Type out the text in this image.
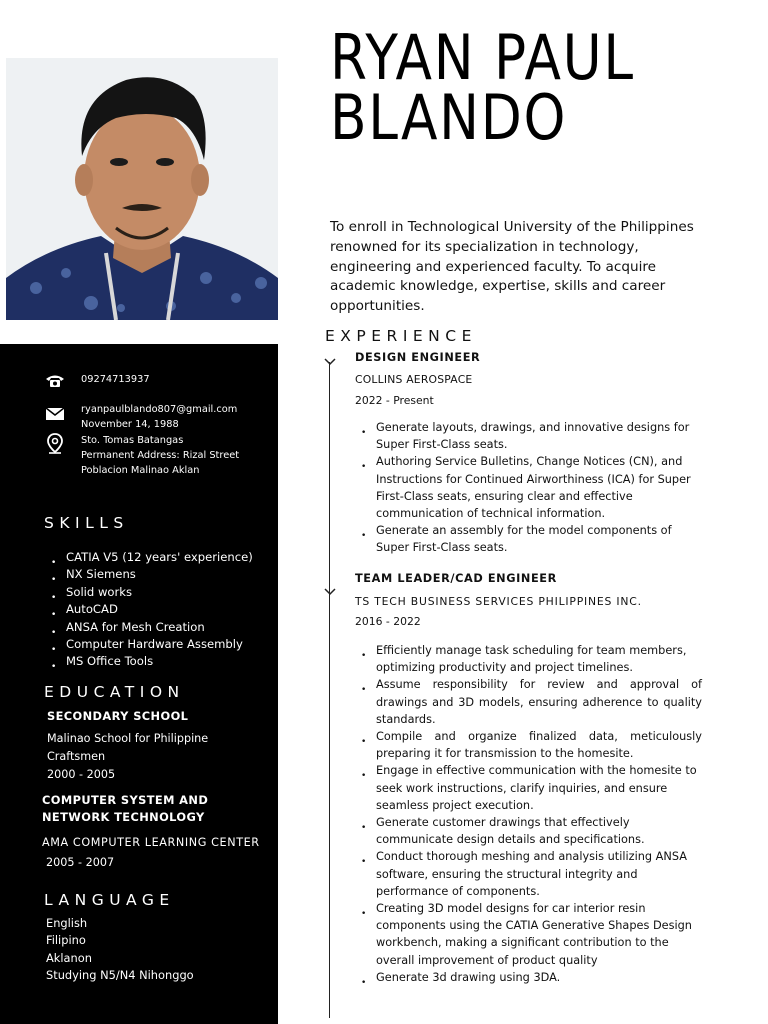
RYAN PAUL
BLANDO
To enroll in Technological University of the Philippines renowned for its specialization in technology, engineering and experienced faculty. To acquire academic knowledge, expertise, skills and career opportunities.
09274713937
ryanpaulblando807@gmail.com
November 14, 1988
Sto. Tomas Batangas
Permanent Address: Rizal Street
Poblacion Malinao Aklan
SKILLS
• CATIA V5 (12 years' experience)
• NX Siemens
• Solid works
• AutoCAD
• ANSA for Mesh Creation
• Computer Hardware Assembly
• MS Office Tools
EDUCATION
SECONDARY SCHOOL
Malinao School for Philippine
Craftsmen
2000 - 2005
COMPUTER SYSTEM AND
NETWORK TECHNOLOGY
AMA COMPUTER LEARNING CENTER
2005 - 2007
LANGUAGE
English
Filipino
Aklanon
Studying N5/N4 Nihonggo
EXPERIENCE
DESIGN ENGINEER
COLLINS AEROSPACE
2022 - Present
• Generate layouts, drawings, and innovative designs for Super First-Class seats.
• Authoring Service Bulletins, Change Notices (CN), and Instructions for Continued Airworthiness (ICA) for Super First-Class seats, ensuring clear and effective communication of technical information.
• Generate an assembly for the model components of Super First-Class seats.
TEAM LEADER/CAD ENGINEER
TS TECH BUSINESS SERVICES PHILIPPINES INC.
2016 - 2022
• Efficiently manage task scheduling for team members, optimizing productivity and project timelines.
• Assume responsibility for review and approval of drawings and 3D models, ensuring adherence to quality standards.
• Compile and organize finalized data, meticulously preparing it for transmission to the homesite.
• Engage in effective communication with the homesite to seek work instructions, clarify inquiries, and ensure seamless project execution.
• Generate customer drawings that effectively communicate design details and specifications.
• Conduct thorough meshing and analysis utilizing ANSA software, ensuring the structural integrity and performance of components.
• Creating 3D model designs for car interior resin components using the CATIA Generative Shapes Design workbench, making a significant contribution to the overall improvement of product quality
• Generate 3d drawing using 3DA.
